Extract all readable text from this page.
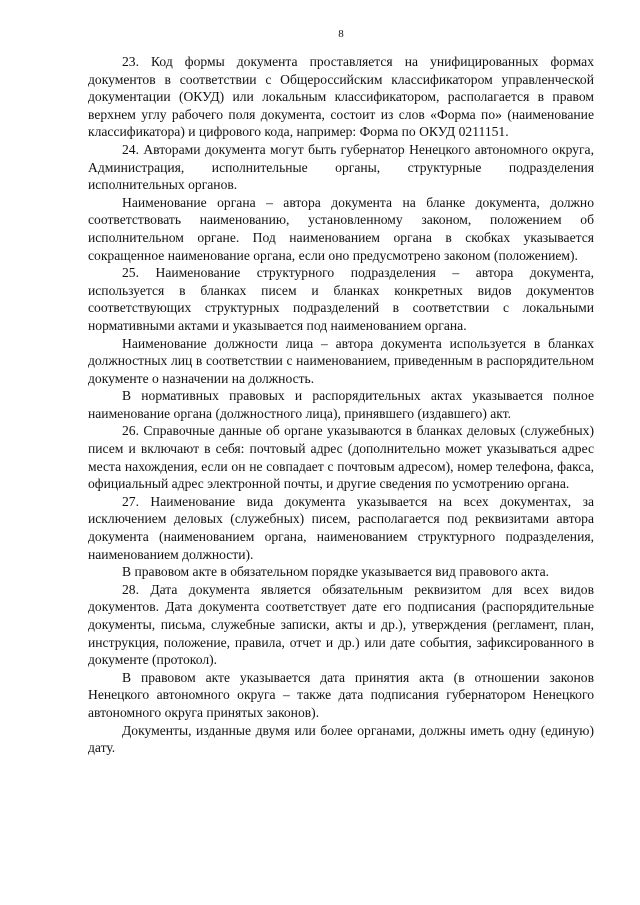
8

23. Код формы документа проставляется на унифицированных формах документов в соответствии с Общероссийским классификатором управленческой документации (ОКУД) или локальным классификатором, располагается в правом верхнем углу рабочего поля документа, состоит из слов «Форма по» (наименование классификатора) и цифрового кода, например: Форма по ОКУД 0211151.

24. Авторами документа могут быть губернатор Ненецкого автономного округа, Администрация, исполнительные органы, структурные подразделения исполнительных органов.

Наименование органа – автора документа на бланке документа, должно соответствовать наименованию, установленному законом, положением об исполнительном органе. Под наименованием органа в скобках указывается сокращенное наименование органа, если оно предусмотрено законом (положением).

25. Наименование структурного подразделения – автора документа, используется в бланках писем и бланках конкретных видов документов соответствующих структурных подразделений в соответствии с локальными нормативными актами и указывается под наименованием органа.

Наименование должности лица – автора документа используется в бланках должностных лиц в соответствии с наименованием, приведенным в распорядительном документе о назначении на должность.

В нормативных правовых и распорядительных актах указывается полное наименование органа (должностного лица), принявшего (издавшего) акт.

26. Справочные данные об органе указываются в бланках деловых (служебных) писем и включают в себя: почтовый адрес (дополнительно может указываться адрес места нахождения, если он не совпадает с почтовым адресом), номер телефона, факса, официальный адрес электронной почты, и другие сведения по усмотрению органа.

27. Наименование вида документа указывается на всех документах, за исключением деловых (служебных) писем, располагается под реквизитами автора документа (наименованием органа, наименованием структурного подразделения, наименованием должности).

В правовом акте в обязательном порядке указывается вид правового акта.

28. Дата документа является обязательным реквизитом для всех видов документов. Дата документа соответствует дате его подписания (распорядительные документы, письма, служебные записки, акты и др.), утверждения (регламент, план, инструкция, положение, правила, отчет и др.) или дате события, зафиксированного в документе (протокол).

В правовом акте указывается дата принятия акта (в отношении законов Ненецкого автономного округа – также дата подписания губернатором Ненецкого автономного округа принятых законов).

Документы, изданные двумя или более органами, должны иметь одну (единую) дату.
